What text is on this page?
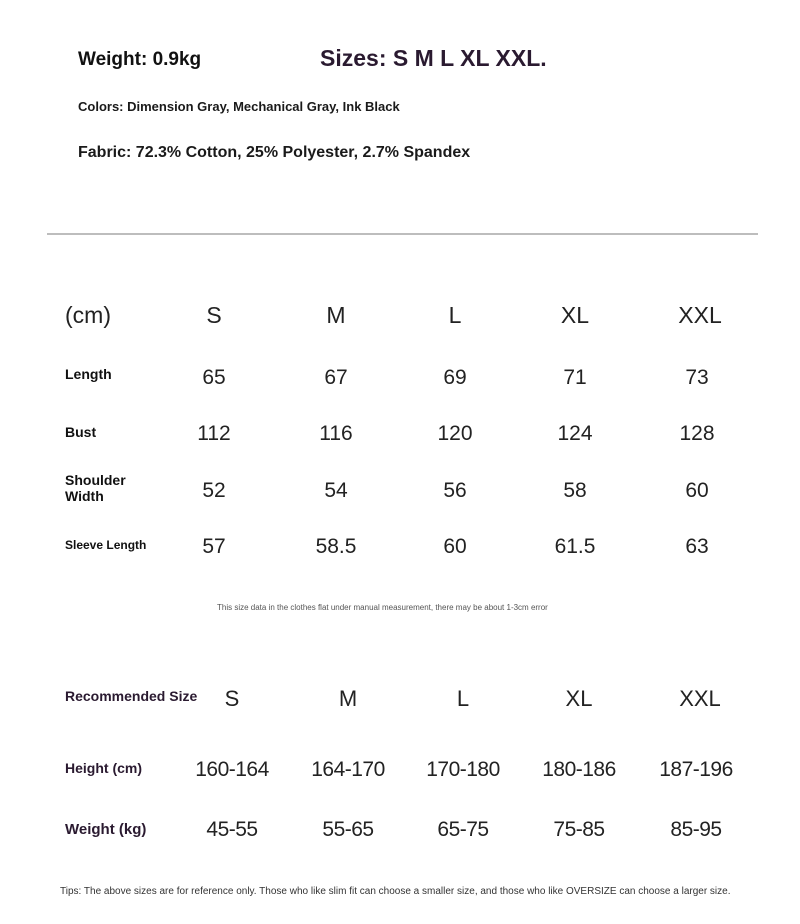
Weight: 0.9kg	Sizes: S M L XL XXL.
Colors: Dimension Gray, Mechanical Gray, Ink Black
Fabric: 72.3% Cotton, 25% Polyester, 2.7% Spandex
(cm)	S	M	L	XL	XXL
Length	65	67	69	71	73
Bust	112	116	120	124	128
Shoulder
Width	52	54	56	58	60
Sleeve Length	57	58.5	60	61.5	63
This size data in the clothes flat under manual measurement, there may be about 1-3cm error
Recommended Size S	M	L	XL	XXL
Height (cm)	160-164 164-170 170-180 180-186 187-196
Weight (kg)	45-55	55-65	65-75	75-85	85-95
Tips: The above sizes are for reference only. Those who like slim fit can choose a smaller size, and those who like OVERSIZE can choose a larger size.
